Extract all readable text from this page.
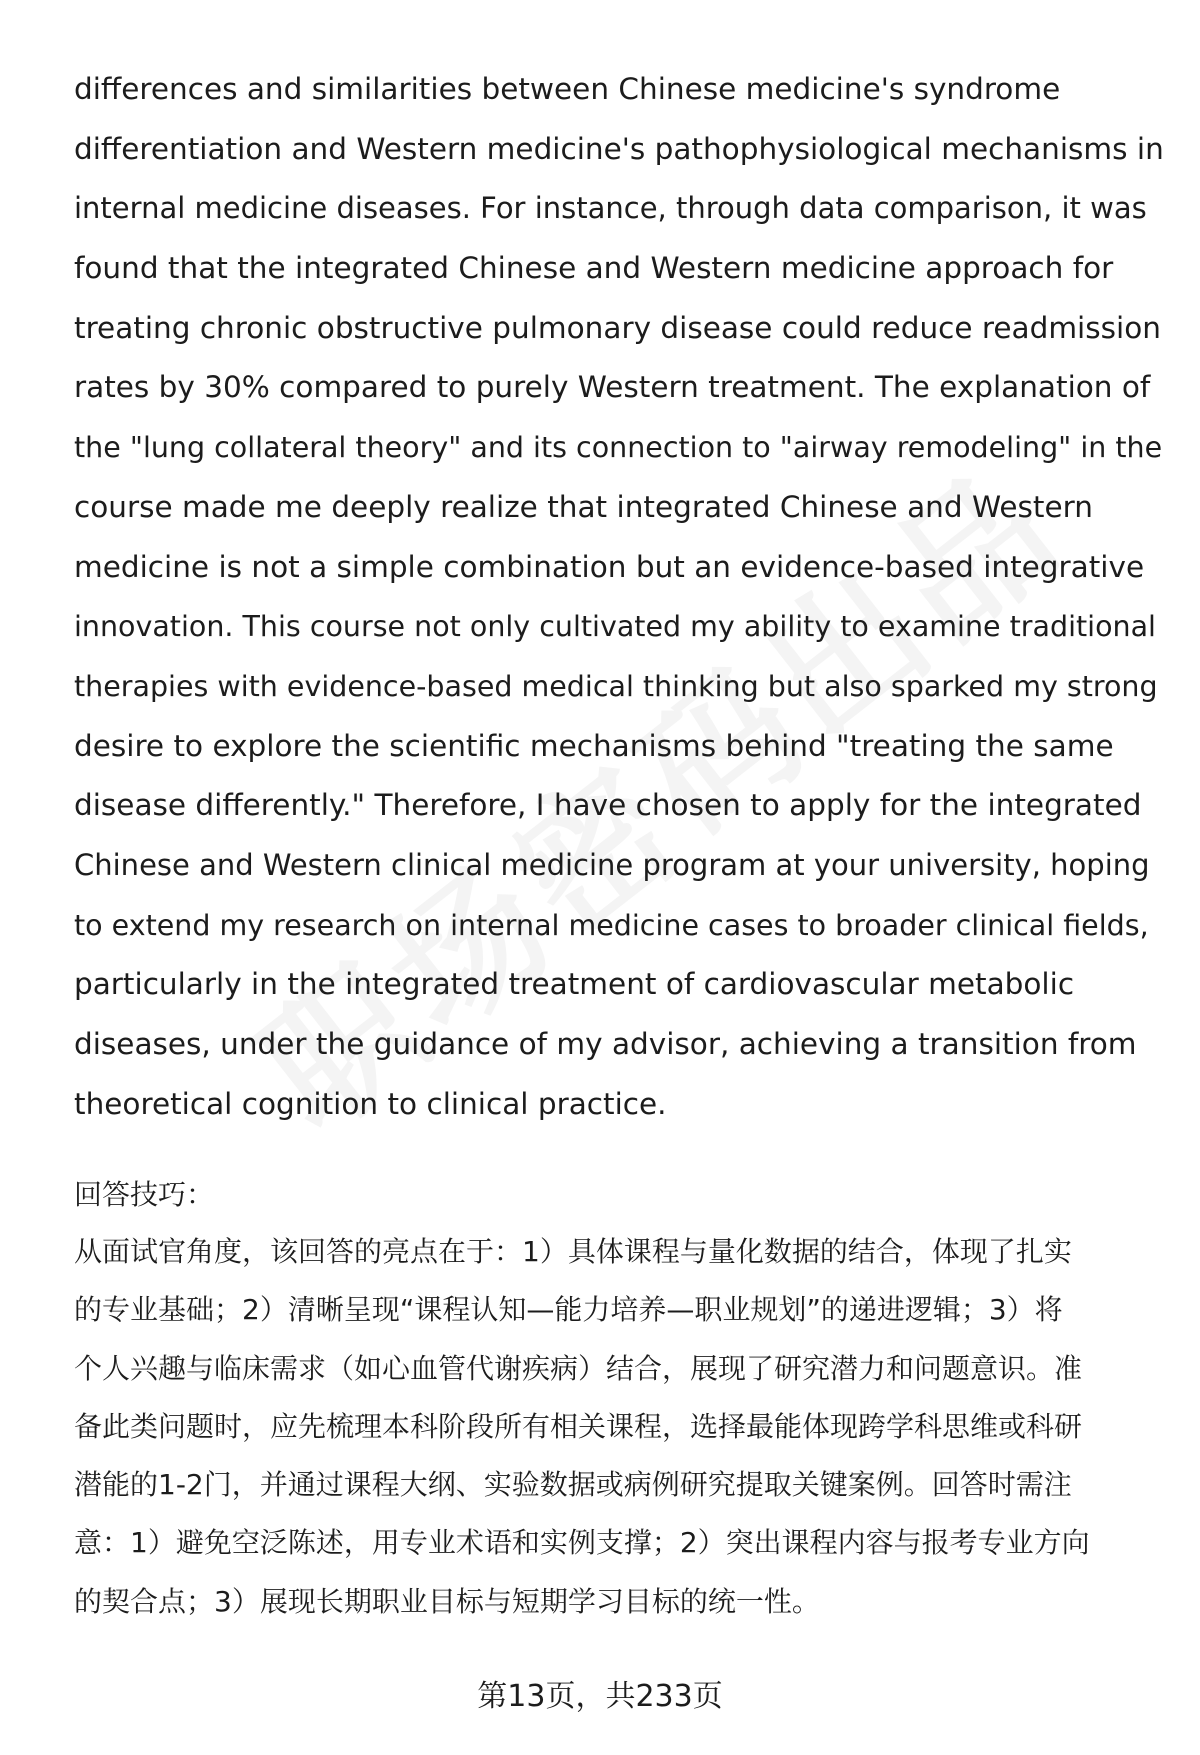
differences and similarities between Chinese medicine's syndrome
differentiation and Western medicine's pathophysiological mechanisms in
internal medicine diseases. For instance, through data comparison, it was
found that the integrated Chinese and Western medicine approach for
treating chronic obstructive pulmonary disease could reduce readmission
rates by 30% compared to purely Western treatment. The explanation of
the "lung collateral theory" and its connection to "airway remodeling" in the
course made me deeply realize that integrated Chinese and Western
medicine is not a simple combination but an evidence-based integrative
innovation. This course not only cultivated my ability to examine traditional
therapies with evidence-based medical thinking but also sparked my strong
desire to explore the scientific mechanisms behind "treating the same
disease differently." Therefore, I have chosen to apply for the integrated
Chinese and Western clinical medicine program at your university, hoping
to extend my research on internal medicine cases to broader clinical fields,
particularly in the integrated treatment of cardiovascular metabolic
diseases, under the guidance of my advisor, achieving a transition from
theoretical cognition to clinical practice.
回答技巧：
从面试官角度，该回答的亮点在于：1）具体课程与量化数据的结合，体现了扎实
的专业基础；2）清晰呈现“课程认知—能力培养—职业规划”的递进逻辑；3）将
个人兴趣与临床需求（如心血管代谢疾病）结合，展现了研究潜力和问题意识。准
备此类问题时，应先梳理本科阶段所有相关课程，选择最能体现跨学科思维或科研
潜能的1-2门，并通过课程大纲、实验数据或病例研究提取关键案例。回答时需注
意：1）避免空泛陈述，用专业术语和实例支撑；2）突出课程内容与报考专业方向
的契合点；3）展现长期职业目标与短期学习目标的统一性。
第13页，共233页
